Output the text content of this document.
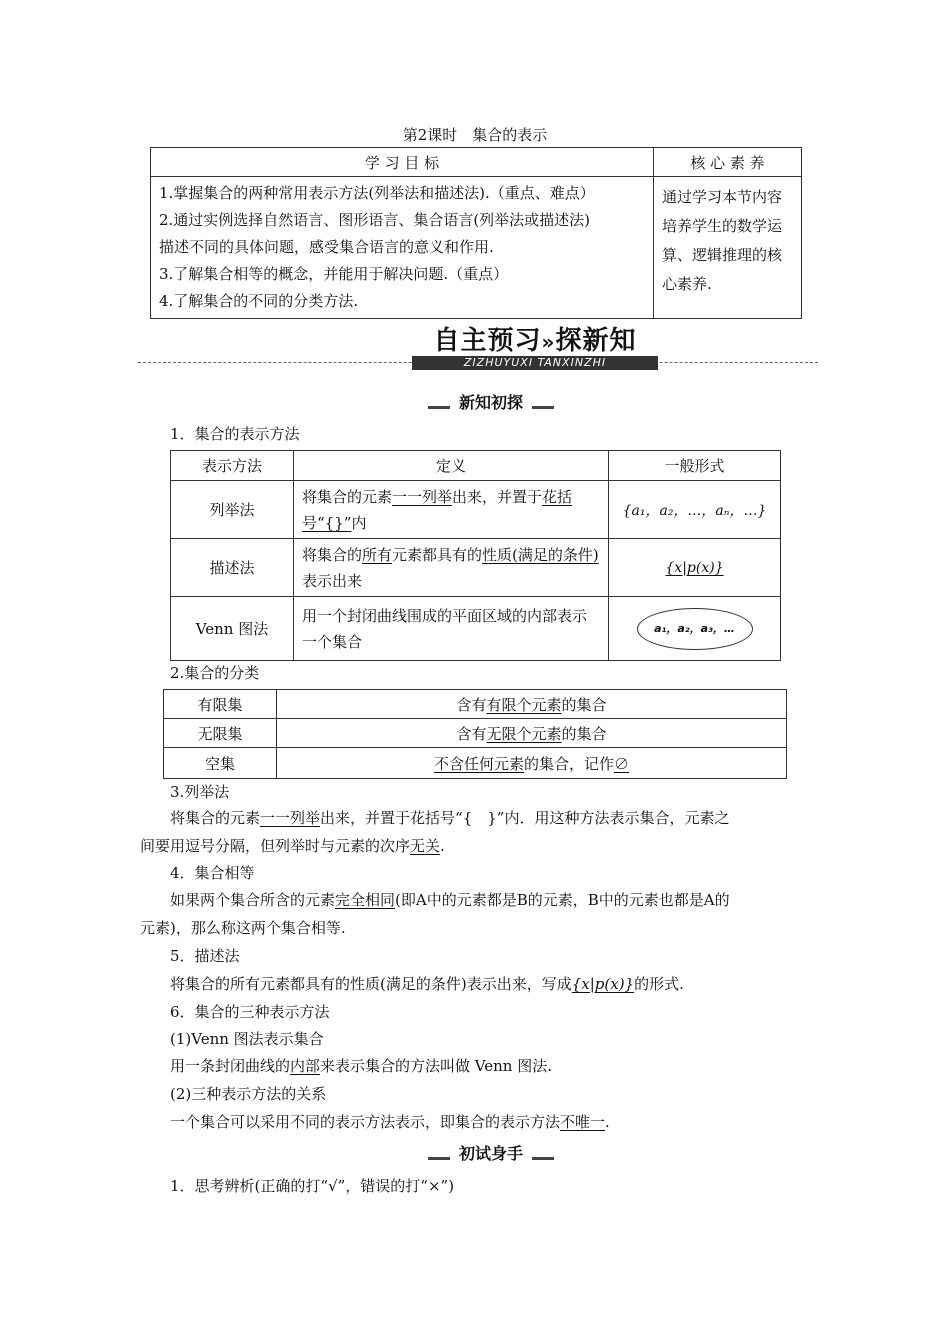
第2课时　集合的表示
学 习 目 标	核 心 素 养

1.掌握集合的两种常用表示方法(列举法和描述法).（重点、难点）
2.通过实例选择自然语言、图形语言、集合语言(列举法或描述法)
描述不同的具体问题，感受集合语言的意义和作用.
3.了解集合相等的概念，并能用于解决问题.（重点）
4.了解集合的不同的分类方法.	通过学习本节内容培养学生的数学运算、逻辑推理的核心素养.
自主预习»探新知
ZIZHUYUXI TANXINZHI
新知初探
1．集合的表示方法
表示方法	定义	一般形式
列举法	将集合的元素一一列举出来，并置于花括号“{}”内	{a₁，a₂，…，aₙ，…}
描述法	将集合的所有元素都具有的性质(满足的条件)表示出来	{x|p(x)}
Venn 图法	用一个封闭曲线围成的平面区域的内部表示一个集合	a₁，a₂，a₃，…
2.集合的分类
有限集	含有有限个元素的集合
无限集	含有无限个元素的集合
空集	不含任何元素的集合，记作∅

3.列举法

将集合的元素一一列举出来，并置于花括号“{　}”内．用这种方法表示集合，元素之

间要用逗号分隔，但列举时与元素的次序无关.

4．集合相等

如果两个集合所含的元素完全相同(即A中的元素都是B的元素，B中的元素也都是A的

元素)，那么称这两个集合相等.

5．描述法

将集合的所有元素都具有的性质(满足的条件)表示出来，写成{x|p(x)}的形式.

6．集合的三种表示方法

(1)Venn 图法表示集合

用一条封闭曲线的内部来表示集合的方法叫做 Venn 图法.

(2)三种表示方法的关系

一个集合可以采用不同的表示方法表示，即集合的表示方法不唯一.

初试身手

1．思考辨析(正确的打“√”，错误的打“×”)
